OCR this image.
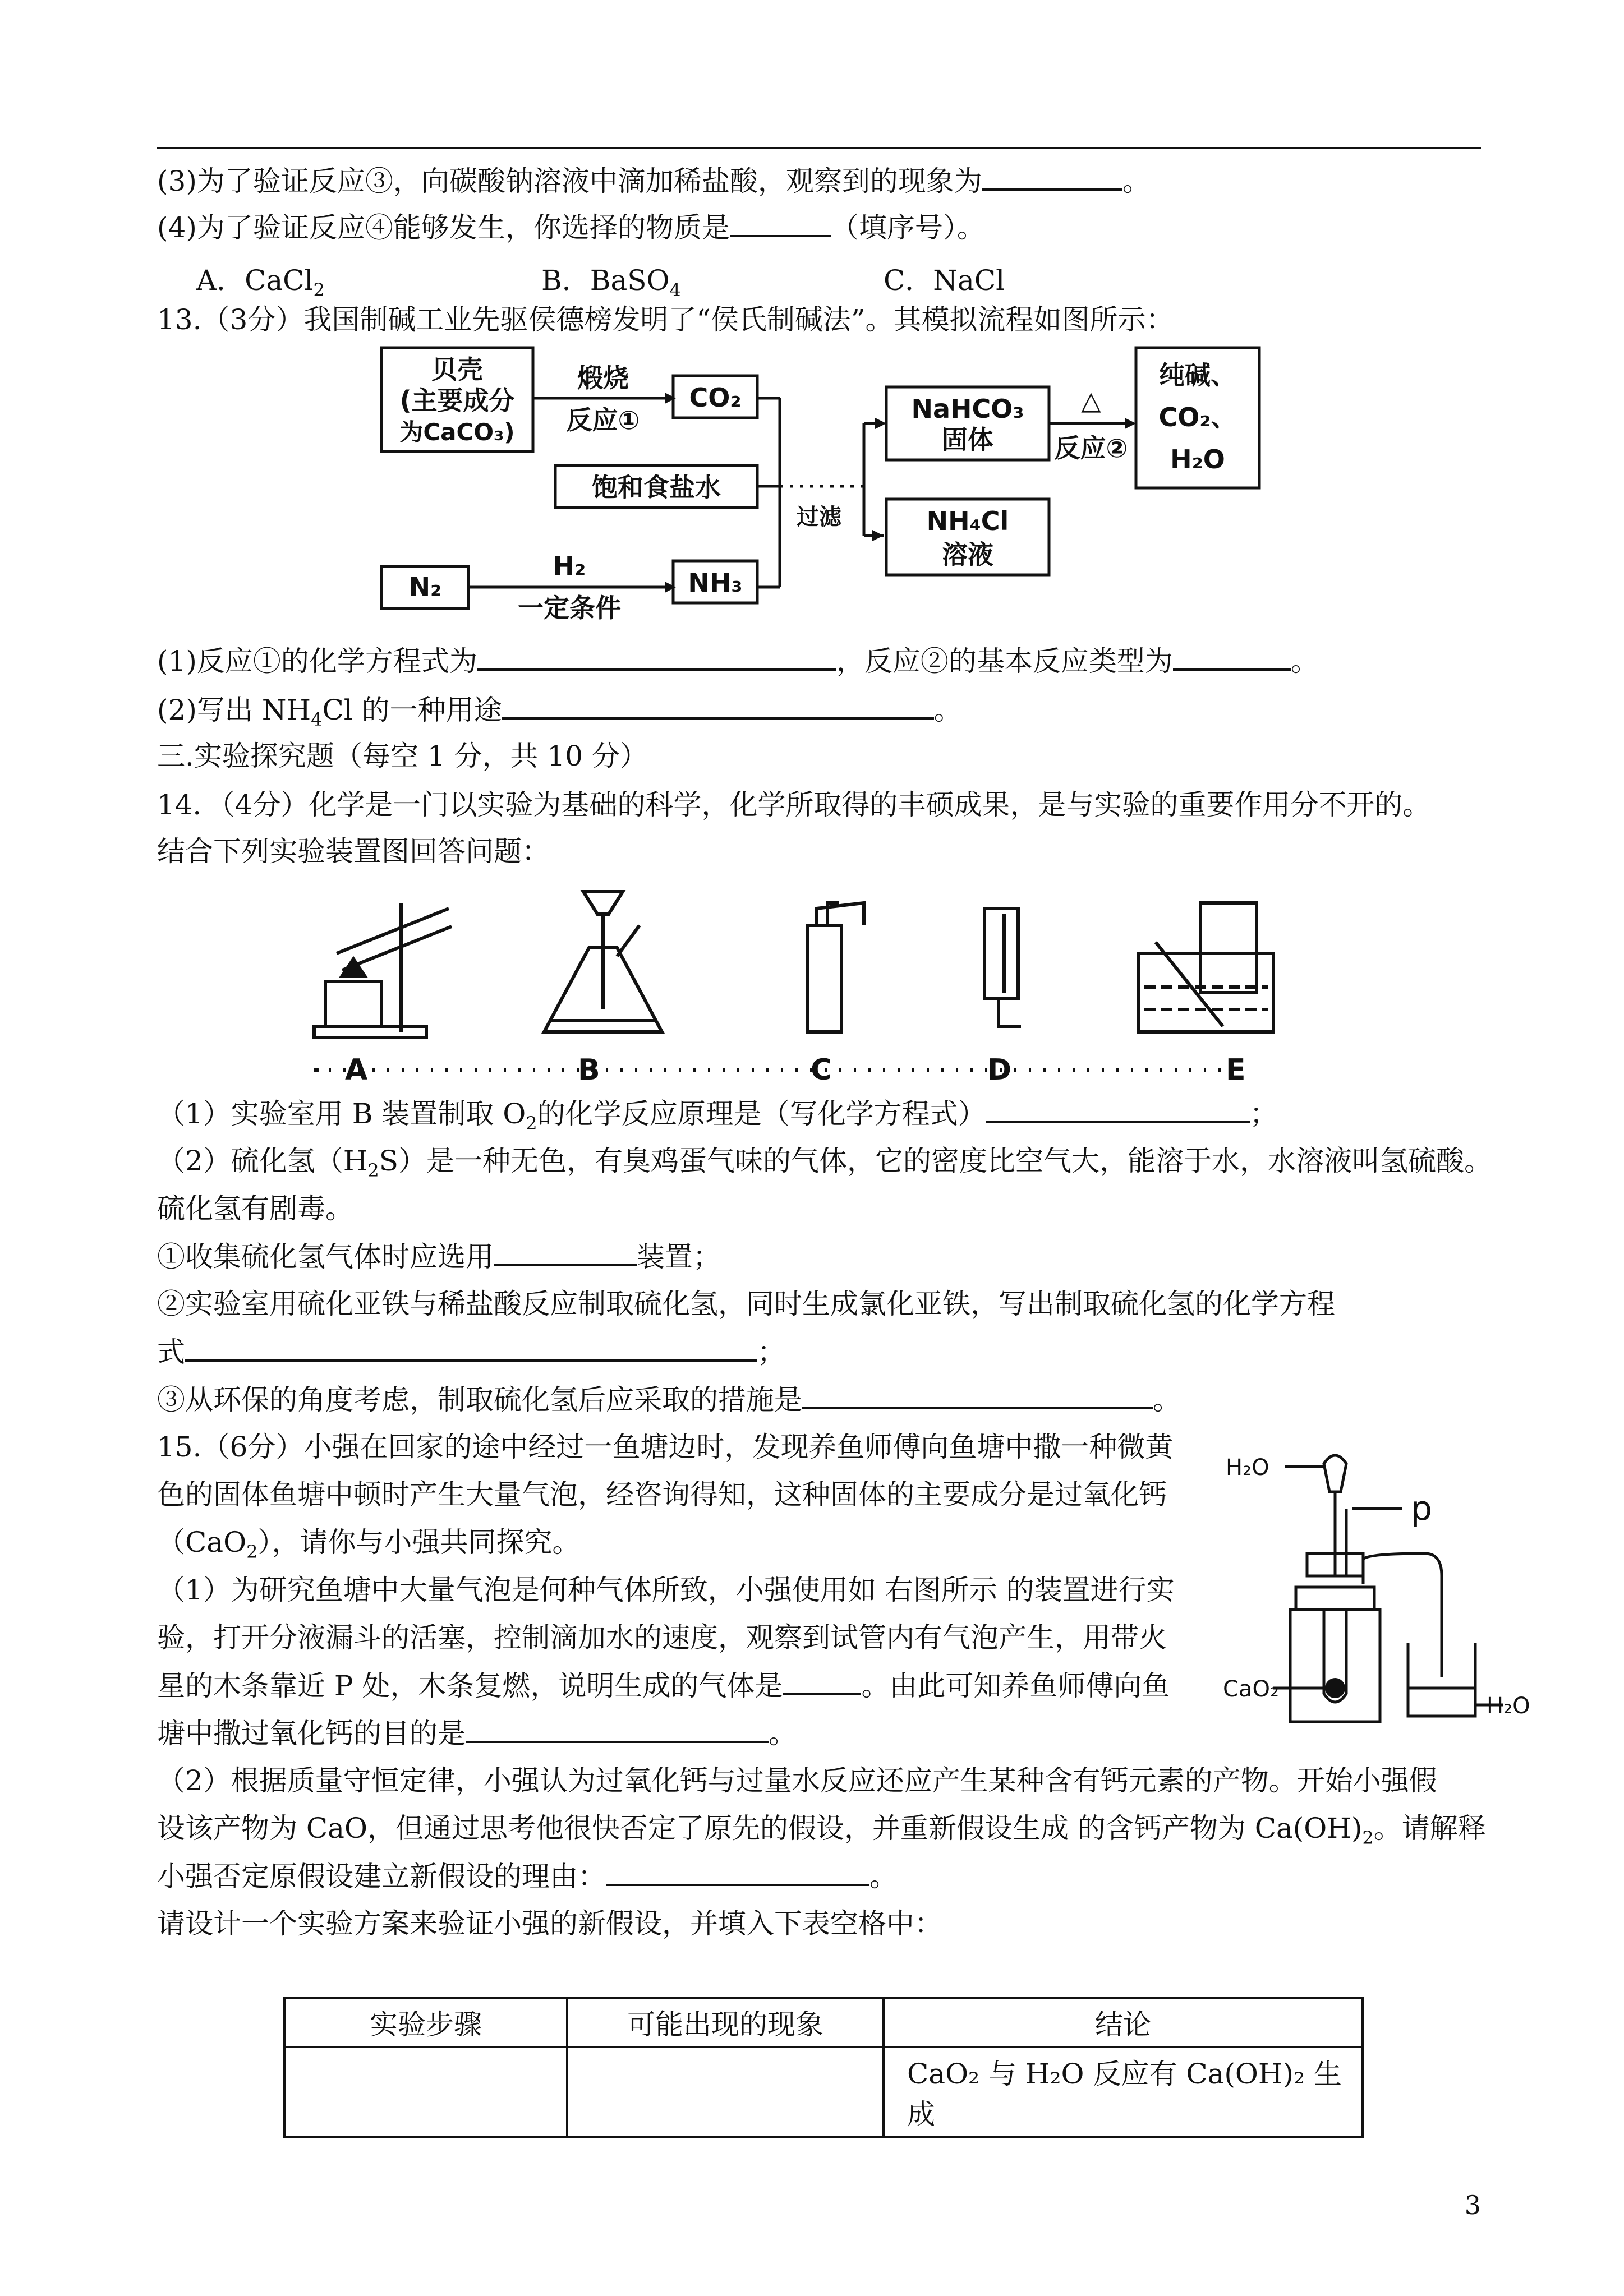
(3)为了验证反应③，向碳酸钠溶液中滴加稀盐酸，观察到的现象为	。
(4)为了验证反应④能够发生，你选择的物质是	（填序号）。
A．CaCl$_2$	B．BaSO$_4$	C．NaCl
13.（3分）我国制碱工业先驱侯德榜发明了“侯氏制碱法”。其模拟流程如图所示：
贝壳
(主要成分
为CaCO₃)
煅烧
反应①
CO₂
饱和食盐水
过滤
N₂
H₂
一定条件
NH₃
NaHCO₃
固体
NH₄Cl
溶液
△
反应②
纯碱、
CO₂、
H₂O
(1)反应①的化学方程式为	，反应②的基本反应类型为	。
(2)写出 $NH_4Cl$ 的一种用途	。
三.实验探究题（每空 1 分，共 10 分）
14．（4分）化学是一门以实验为基础的科学，化学所取得的丰硕成果，是与实验的重要作用分不开的。
结合下列实验装置图回答问题：
A	B	C	D	E
（1）实验室用 B 装置制取 $O_2$的化学反应原理是（写化学方程式）	；
（2）硫化氢$(H_2S)$是一种无色，有臭鸡蛋气味的气体，它的密度比空气大，能溶于水，水溶液叫氢硫酸。
硫化氢有剧毒。
①收集硫化氢气体时应选用	装置；
②实验室用硫化亚铁与稀盐酸反应制取硫化氢，同时生成氯化亚铁，写出制取硫化氢的化学方程
式	；
③从环保的角度考虑，制取硫化氢后应采取的措施是	。
15.（6分）小强在回家的途中经过一鱼塘边时，发现养鱼师傅向鱼塘中撒一种微黄
色的固体鱼塘中顿时产生大量气泡，经咨询得知，这种固体的主要成分是过氧化钙
（CaO$_2$），请你与小强共同探究。
（1）为研究鱼塘中大量气泡是何种气体所致，小强使用如 右图所示 的装置进行实
验，打开分液漏斗的活塞，控制滴加水的速度，观察到试管内有气泡产生，用带火
星的木条靠近 P 处，木条复燃，说明生成的气体是	。由此可知养鱼师傅向鱼
塘中撒过氧化钙的目的是	。
H₂O
p
CaO₂
H₂O
（2）根据质量守恒定律，小强认为过氧化钙与过量水反应还应产生某种含有钙元素的产物。开始小强假
设该产物为 CaO，但通过思考他很快否定了原先的假设，并重新假设生成 的含钙产物为 $Ca(OH)_2$。请解释
小强否定原假设建立新假设的理由：	。
请设计一个实验方案来验证小强的新假设，并填入下表空格中：
实验步骤	可能出现的现象	结论
		CaO₂ 与 H₂O 反应有 Ca(OH)₂ 生成
3
